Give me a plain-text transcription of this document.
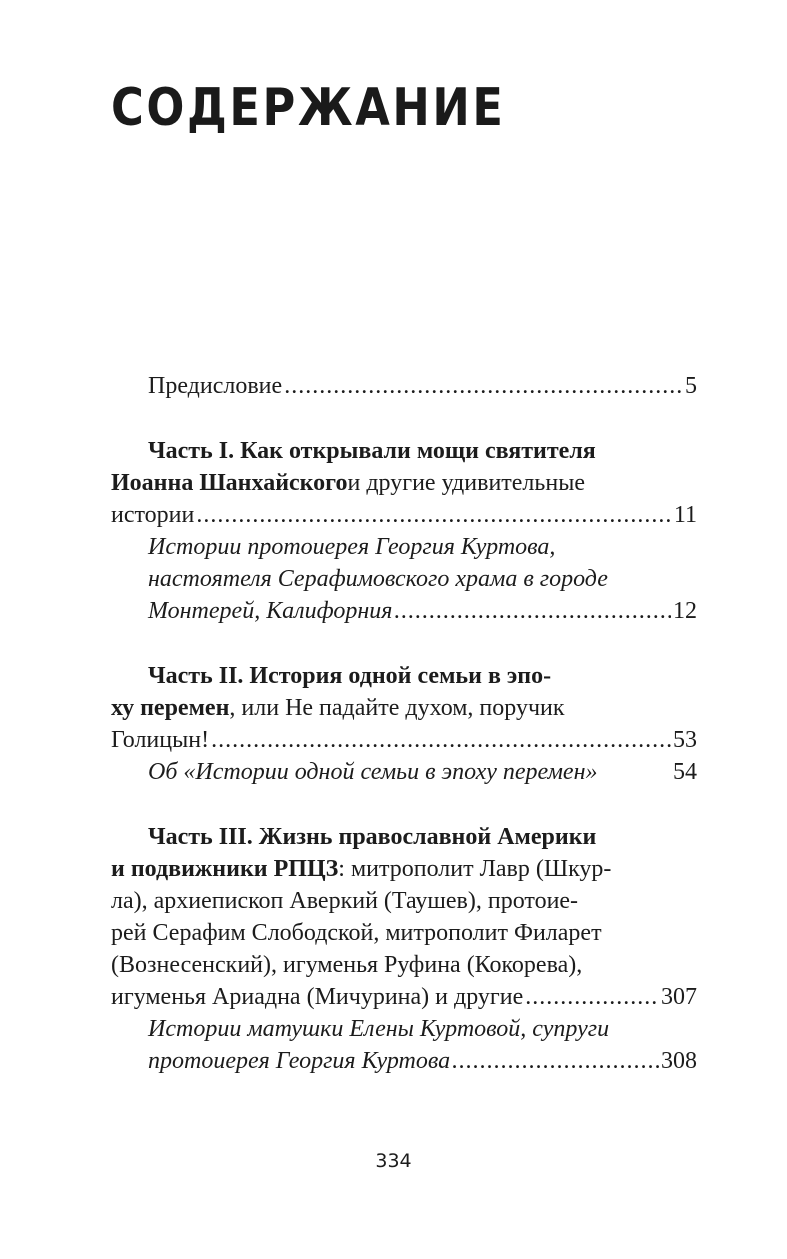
СОДЕРЖАНИЕ
Предисловие .....	5
Часть I. Как открывали мощи святителя
Иоанна Шанхайского и другие удивительные
истории .....	11
Истории протоиерея Георгия Куртова,
настоятеля Серафимовского храма в городе
Монтерей, Калифорния .....	12
Часть II. История одной семьи в эпо-
ху перемен , или Не падайте духом, поручик
Голицын! .....	53
Об «Истории одной семьи в эпоху перемен»	54
Часть III. Жизнь православной Америки
и подвижники РПЦЗ : митрополит Лавр (Шкур-
ла), архиепископ Аверкий (Таушев), протоие-
рей Серафим Слободской, митрополит Филарет
(Вознесенский), игуменья Руфина (Кокорева),
игуменья Ариадна (Мичурина) и другие .....	307
Истории матушки Елены Куртовой, супруги
протоиерея Георгия Куртова .....	308
334
